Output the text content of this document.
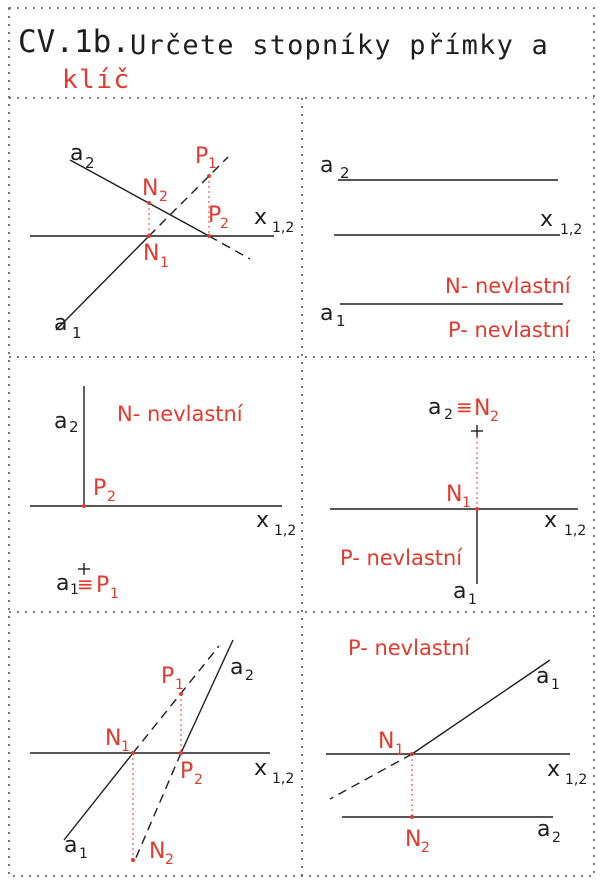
CV.1b. Určete stopníky přímky a
klíč
a 2
a 1
x 1,2
N 2
N 1
P 1
P
2
a 2
x 1,2
N- nevlastní
a 1	P- nevlastní
a 2
N- nevlastní
P 2
x 1,2
a 1
≡ P 1
a 2 ≡ N 2
N 1
x 1,2
P- nevlastní
a 1
P 1
a 2
N 1
P 2 x 1,2
a 1	N 2
P- nevlastní
a 1
N 1
x 1,2
a 2
N 2
